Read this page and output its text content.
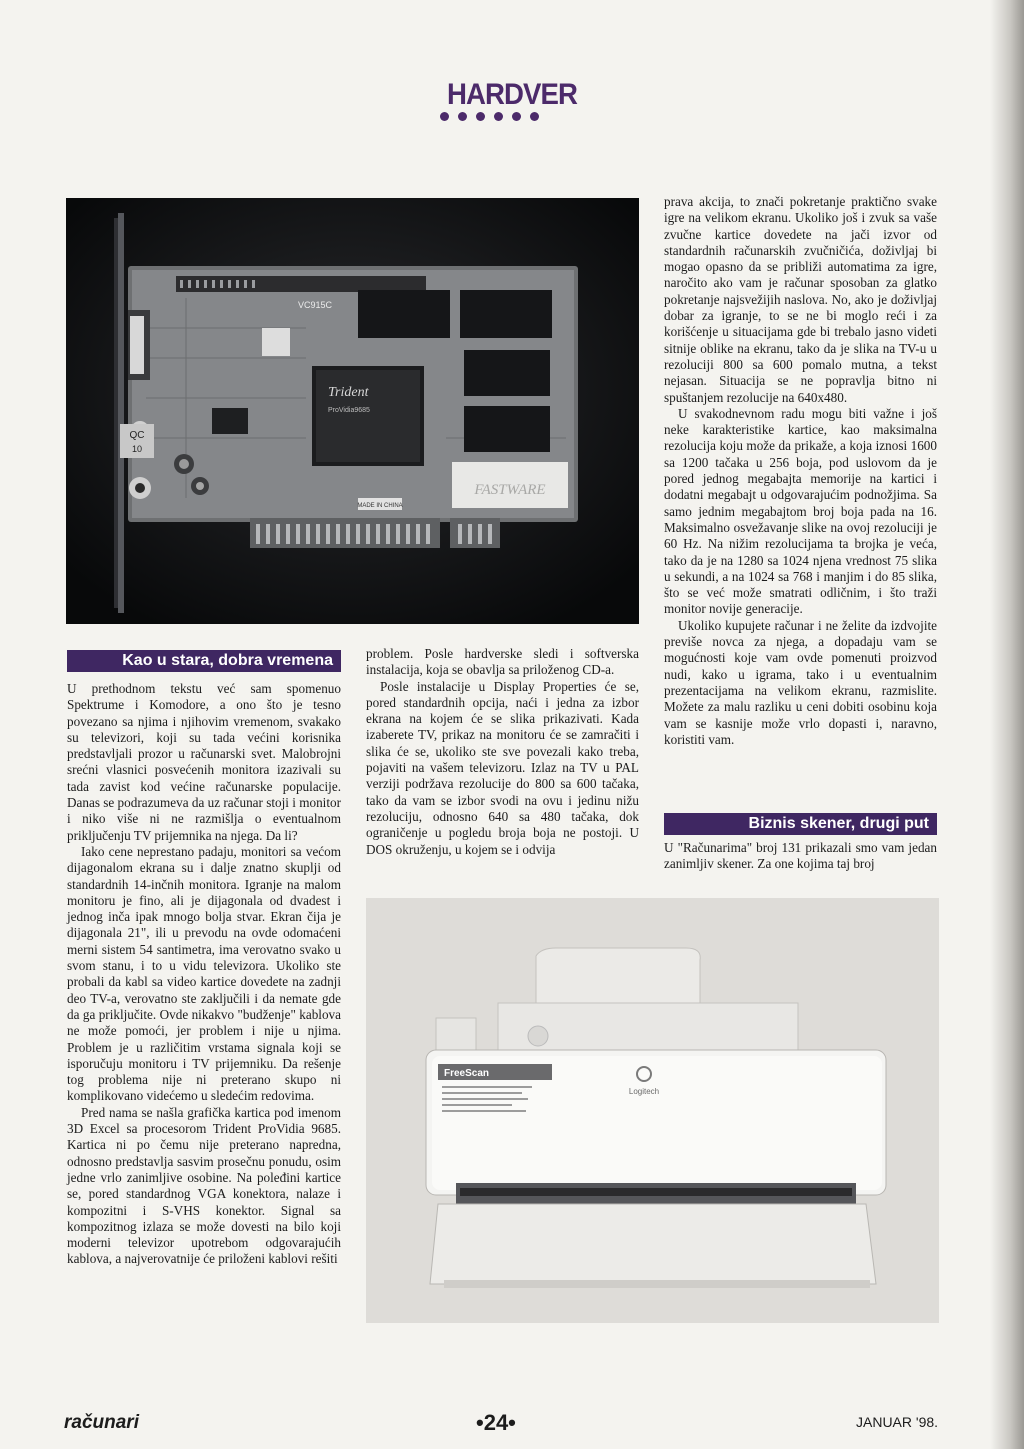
HARDVER
QC
10
Trident
ProVidia9685
VC915C
FASTWARE
MADE IN CHINA
Kao u stara, dobra vremena

U prethodnom tekstu već sam spomenuo Spektrume i Komodore, a ono što je tesno povezano sa njima i njihovim vremenom, svakako su televizori, koji su tada većini korisnika predstavljali prozor u računarski svet. Malobrojni srećni vlasnici posvećenih monitora izazivali su tada zavist kod većine računarske populacije. Danas se podrazumeva da uz računar stoji i monitor i niko više ni ne razmišlja o eventualnom priključenju TV prijemnika na njega. Da li?

Iako cene neprestano padaju, monitori sa većom dijagonalom ekrana su i dalje znatno skuplji od standardnih 14-inčnih monitora. Igranje na malom monitoru je fino, ali je dijagonala od dvadest i jednog inča ipak mnogo bolja stvar. Ekran čija je dijagonala 21", ili u prevodu na ovde odomaćeni merni sistem 54 santimetra, ima verovatno svako u svom stanu, i to u vidu televizora. Ukoliko ste probali da kabl sa video kartice dovedete na zadnji deo TV-a, verovatno ste zaključili i da nemate gde da ga priključite. Ovde nikakvo "budženje" kablova ne može pomoći, jer problem i nije u njima. Problem je u različitim vrstama signala koji se isporučuju monitoru i TV prijemniku. Da rešenje tog problema nije ni preterano skupo ni komplikovano videćemo u sledećim redovima.

Pred nama se našla grafička kartica pod imenom 3D Excel sa procesorom Trident ProVidia 9685. Kartica ni po čemu nije preterano napredna, odnosno predstavlja sasvim prosečnu ponudu, osim jedne vrlo zanimljive osobine. Na poleđini kartice se, pored standardnog VGA konektora, nalaze i kompozitni i S-VHS konektor. Signal sa kompozitnog izlaza se može dovesti na bilo koji moderni televizor upotrebom odgovarajućih kablova, a najverovatnije će priloženi kablovi rešiti

problem. Posle hardverske sledi i softverska instalacija, koja se obavlja sa priloženog CD-a.

Posle instalacije u Display Properties će se, pored standardnih opcija, naći i jedna za izbor ekrana na kojem će se slika prikazivati. Kada izaberete TV, prikaz na monitoru će se zamračiti i slika će se, ukoliko ste sve povezali kako treba, pojaviti na vašem televizoru. Izlaz na TV u PAL verziji podržava rezolucije do 800 sa 600 tačaka, tako da vam se izbor svodi na ovu i jedinu nižu rezoluciju, odnosno 640 sa 480 tačaka, dok ograničenje u pogledu broja boja ne postoji. U DOS okruženju, u kojem se i odvija

prava akcija, to znači pokretanje praktično svake igre na velikom ekranu. Ukoliko još i zvuk sa vaše zvučne kartice dovedete na jači izvor od standardnih računarskih zvučničića, doživljaj bi mogao opasno da se približi automatima za igre, naročito ako vam je računar sposoban za glatko pokretanje najsvežijih naslova. No, ako je doživljaj dobar za igranje, to se ne bi moglo reći i za korišćenje u situacijama gde bi trebalo jasno videti sitnije oblike na ekranu, tako da je slika na TV-u u rezoluciji 800 sa 600 pomalo mutna, a tekst nejasan. Situacija se ne popravlja bitno ni spuštanjem rezolucije na 640x480.

U svakodnevnom radu mogu biti važne i još neke karakteristike kartice, kao maksimalna rezolucija koju može da prikaže, a koja iznosi 1600 sa 1200 tačaka u 256 boja, pod uslovom da je pored jednog megabajta memorije na kartici i dodatni megabajt u odgovarajućim podnožjima. Sa samo jednim megabajtom broj boja pada na 16. Maksimalno osvežavanje slike na ovoj rezoluciji je 60 Hz. Na nižim rezolucijama ta brojka je veća, tako da je na 1280 sa 1024 njena vrednost 75 slika u sekundi, a na 1024 sa 768 i manjim i do 85 slika, što se već može smatrati odličnim, i što traži monitor novije generacije.

Ukoliko kupujete računar i ne želite da izdvojite previše novca za njega, a dopadaju vam se mogućnosti koje vam ovde pomenuti proizvod nudi, kako u igrama, tako i u eventualnim prezentacijama na velikom ekranu, razmislite. Možete za malu razliku u ceni dobiti osobinu koja vam se kasnije može vrlo dopasti i, naravno, koristiti vam.

Biznis skener, drugi put

U "Računarima" broj 131 prikazali smo vam jedan zanimljiv skener. Za one kojima taj broj

FreeScan
Logitech
računari	•24•	JANUAR '98.
